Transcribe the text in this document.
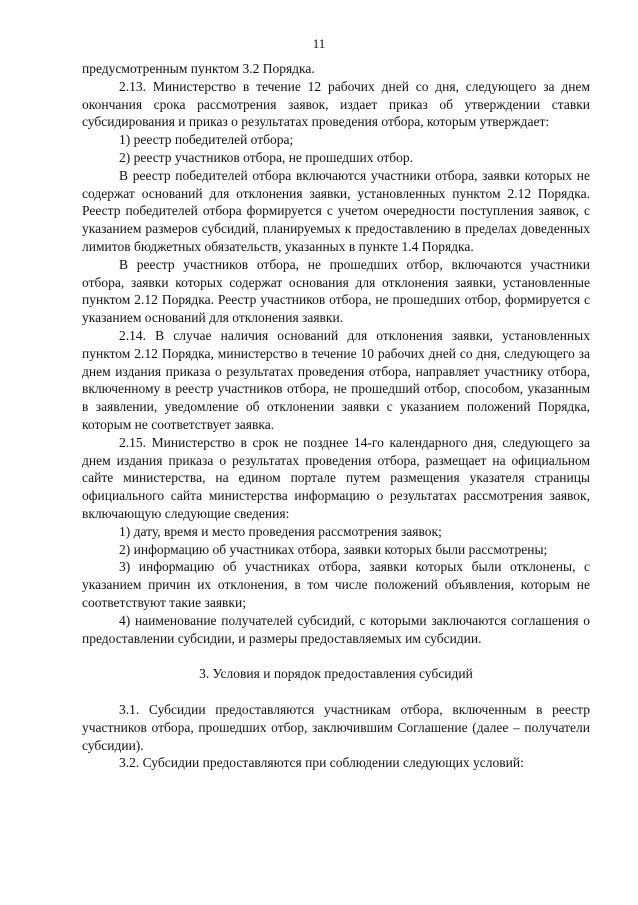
11

предусмотренным пунктом 3.2 Порядка.

2.13. Министерство в течение 12 рабочих дней со дня, следующего за днем окончания срока рассмотрения заявок, издает приказ об утверждении ставки субсидирования и приказ о результатах проведения отбора, которым утверждает:

1) реестр победителей отбора;

2) реестр участников отбора, не прошедших отбор.

В реестр победителей отбора включаются участники отбора, заявки которых не содержат оснований для отклонения заявки, установленных пунктом 2.12 Порядка. Реестр победителей отбора формируется с учетом очередности поступления заявок, с указанием размеров субсидий, планируемых к предоставлению в пределах доведенных лимитов бюджетных обязательств, указанных в пункте 1.4 Порядка.

В реестр участников отбора, не прошедших отбор, включаются участники отбора, заявки которых содержат основания для отклонения заявки, установленные пунктом 2.12 Порядка. Реестр участников отбора, не прошедших отбор, формируется с указанием оснований для отклонения заявки.

2.14. В случае наличия оснований для отклонения заявки, установленных пунктом 2.12 Порядка, министерство в течение 10 рабочих дней со дня, следующего за днем издания приказа о результатах проведения отбора, направляет участнику отбора, включенному в реестр участников отбора, не прошедший отбор, способом, указанным в заявлении, уведомление об отклонении заявки с указанием положений Порядка, которым не соответствует заявка.

2.15. Министерство в срок не позднее 14-го календарного дня, следующего за днем издания приказа о результатах проведения отбора, размещает на официальном сайте министерства, на едином портале путем размещения указателя страницы официального сайта министерства информацию о результатах рассмотрения заявок, включающую следующие сведения:

1) дату, время и место проведения рассмотрения заявок;

2) информацию об участниках отбора, заявки которых были рассмотрены;

3) информацию об участниках отбора, заявки которых были отклонены, с указанием причин их отклонения, в том числе положений объявления, которым не соответствуют такие заявки;

4) наименование получателей субсидий, с которыми заключаются соглашения о предоставлении субсидии, и размеры предоставляемых им субсидии.

3. Условия и порядок предоставления субсидий

3.1. Субсидии предоставляются участникам отбора, включенным в реестр участников отбора, прошедших отбор, заключившим Соглашение (далее – получатели субсидии).

3.2. Субсидии предоставляются при соблюдении следующих условий:
